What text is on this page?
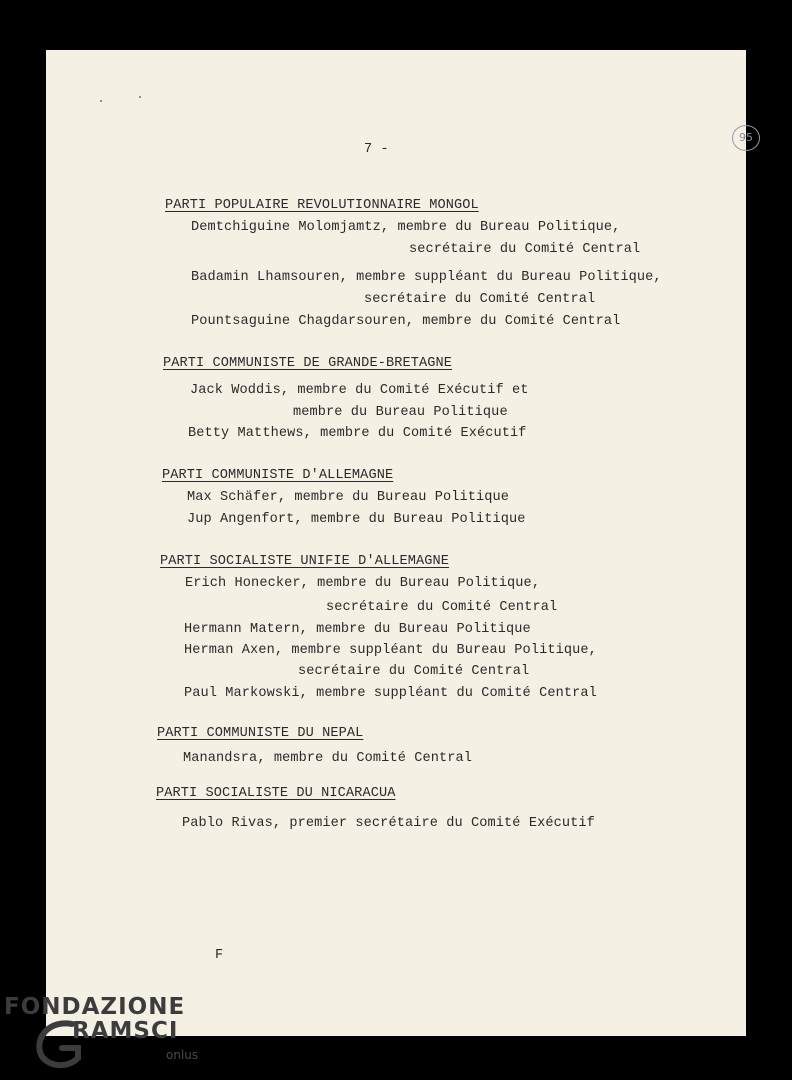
95
7 -
PARTI POPULAIRE REVOLUTIONNAIRE MONGOL
Demtchiguine Molomjamtz, membre du Bureau Politique,
secrétaire du Comité Central
Badamin Lhamsouren, membre suppléant du Bureau Politique,
secrétaire du Comité Central
Pountsaguine Chagdarsouren, membre du Comité Central
PARTI COMMUNISTE DE GRANDE-BRETAGNE
Jack Woddis, membre du Comité Exécutif et
membre du Bureau Politique
Betty Matthews, membre du Comité Exécutif
PARTI COMMUNISTE D'ALLEMAGNE
Max Schäfer, membre du Bureau Politique
Jup Angenfort, membre du Bureau Politique
PARTI SOCIALISTE UNIFIE D'ALLEMAGNE
Erich Honecker, membre du Bureau Politique,
secrétaire du Comité Central
Hermann Matern, membre du Bureau Politique
Herman Axen, membre suppléant du Bureau Politique,
secrétaire du Comité Central
Paul Markowski, membre suppléant du Comité Central
PARTI COMMUNISTE DU NEPAL
Manandsra, membre du Comité Central
PARTI SOCIALISTE DU NICARACUA
Pablo Rivas, premier secrétaire du Comité Exécutif
F
FONDAZIONE
RAMSCI
onlus
